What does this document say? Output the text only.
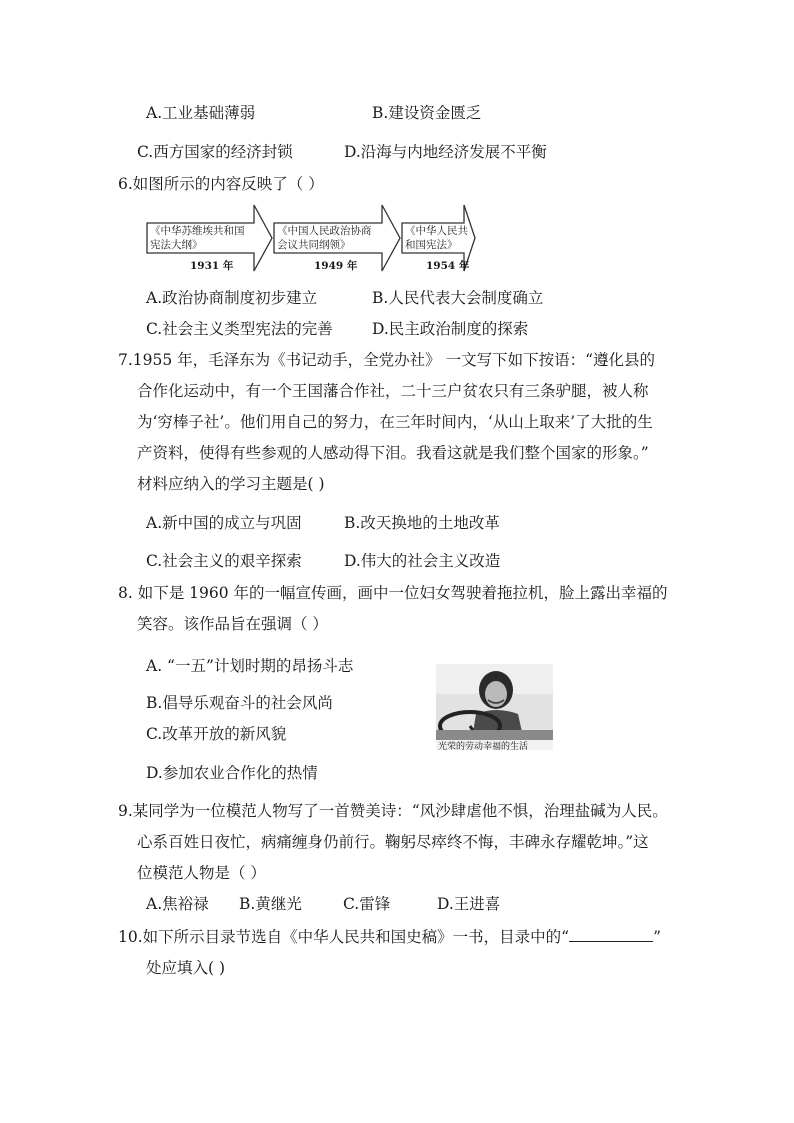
A.工业基础薄弱	B.建设资金匮乏
C.西方国家的经济封锁	D.沿海与内地经济发展不平衡
6.如图所示的内容反映了（ ）
《中华苏维埃共和国
宪法大纲》
1931 年
《中国人民政治协商
会议共同纲领》
1949 年
《中华人民共
和国宪法》
1954 年
A.政治协商制度初步建立	B.人民代表大会制度确立
C.社会主义类型宪法的完善	D.民主政治制度的探索
7.1955 年，毛泽东为《书记动手，全党办社》 一文写下如下按语：“遵化县的
合作化运动中，有一个王国藩合作社，二十三户贫农只有三条驴腿，被人称
为‘穷棒子社’。他们用自己的努力，在三年时间内，‘从山上取来’了大批的生
产资料，使得有些参观的人感动得下泪。我看这就是我们整个国家的形象。”
材料应纳入的学习主题是( )
A.新中国的成立与巩固	B.改天换地的土地改革
C.社会主义的艰辛探索	D.伟大的社会主义改造
8. 如下是 1960 年的一幅宣传画，画中一位妇女驾驶着拖拉机，脸上露出幸福的
笑容。该作品旨在强调（ ）
A. “一五”计划时期的昂扬斗志
B.倡导乐观奋斗的社会风尚
C.改革开放的新风貌
D.参加农业合作化的热情
光荣的劳动幸福的生活
9.某同学为一位模范人物写了一首赞美诗：“风沙肆虐他不惧，治理盐碱为人民。
心系百姓日夜忙，病痛缠身仍前行。鞠躬尽瘁终不悔，丰碑永存耀乾坤。”这
位模范人物是（ ）
A.焦裕禄 B.黄继光	C.雷锋	D.王进喜
10.如下所示目录节选自《中华人民共和国史稿》一书，目录中的“	”
处应填入( )
